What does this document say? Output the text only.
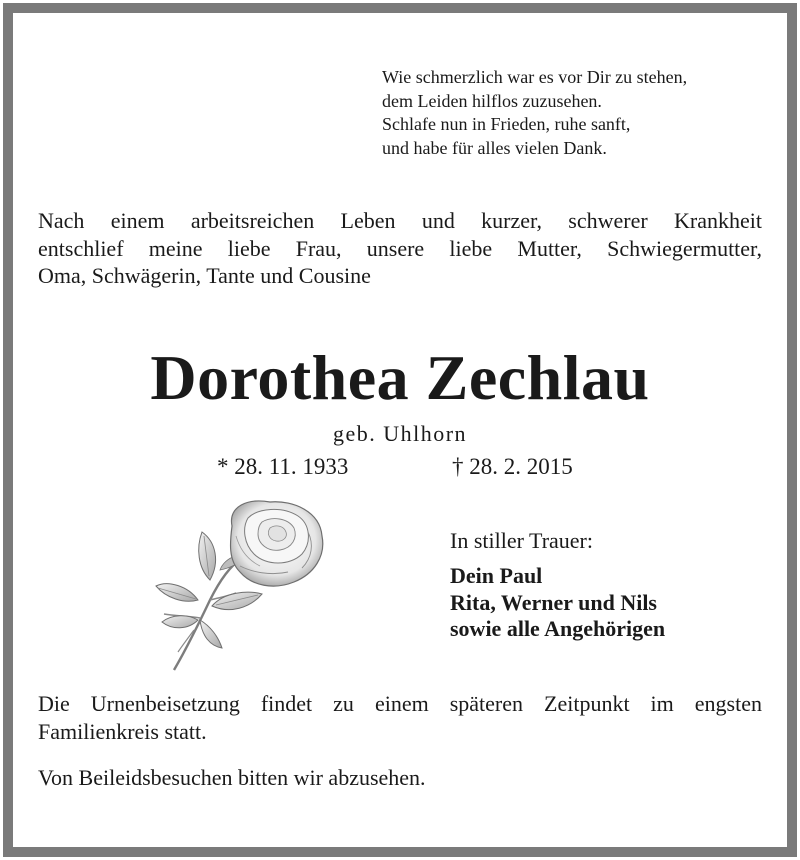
Wie schmerzlich war es vor Dir zu stehen,
dem Leiden hilflos zuzusehen.
Schlafe nun in Frieden, ruhe sanft,
und habe für alles vielen Dank.
Nach einem arbeitsreichen Leben und kurzer, schwerer Krankheit
entschlief meine liebe Frau, unsere liebe Mutter, Schwiegermutter,
Oma, Schwägerin, Tante und Cousine
Dorothea Zechlau
geb. Uhlhorn
* 28. 11. 1933	† 28. 2. 2015
In stiller Trauer:
Dein Paul
Rita, Werner und Nils
sowie alle Angehörigen
Die Urnenbeisetzung findet zu einem späteren Zeitpunkt im engsten
Familienkreis statt.
Von Beileidsbesuchen bitten wir abzusehen.
